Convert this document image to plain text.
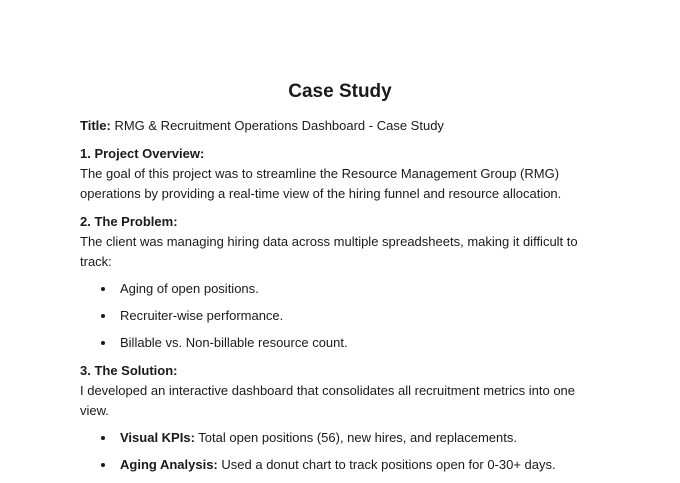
Case Study

Title: RMG & Recruitment Operations Dashboard - Case Study

1. Project Overview:

The goal of this project was to streamline the Resource Management Group (RMG) operations by providing a real-time view of the hiring funnel and resource allocation.

2. The Problem:

The client was managing hiring data across multiple spreadsheets, making it difficult to track:

Aging of open positions.
Recruiter-wise performance.
Billable vs. Non-billable resource count.

3. The Solution:

I developed an interactive dashboard that consolidates all recruitment metrics into one view.

Visual KPIs: Total open positions (56), new hires, and replacements.
Aging Analysis: Used a donut chart to track positions open for 0-30+ days.
